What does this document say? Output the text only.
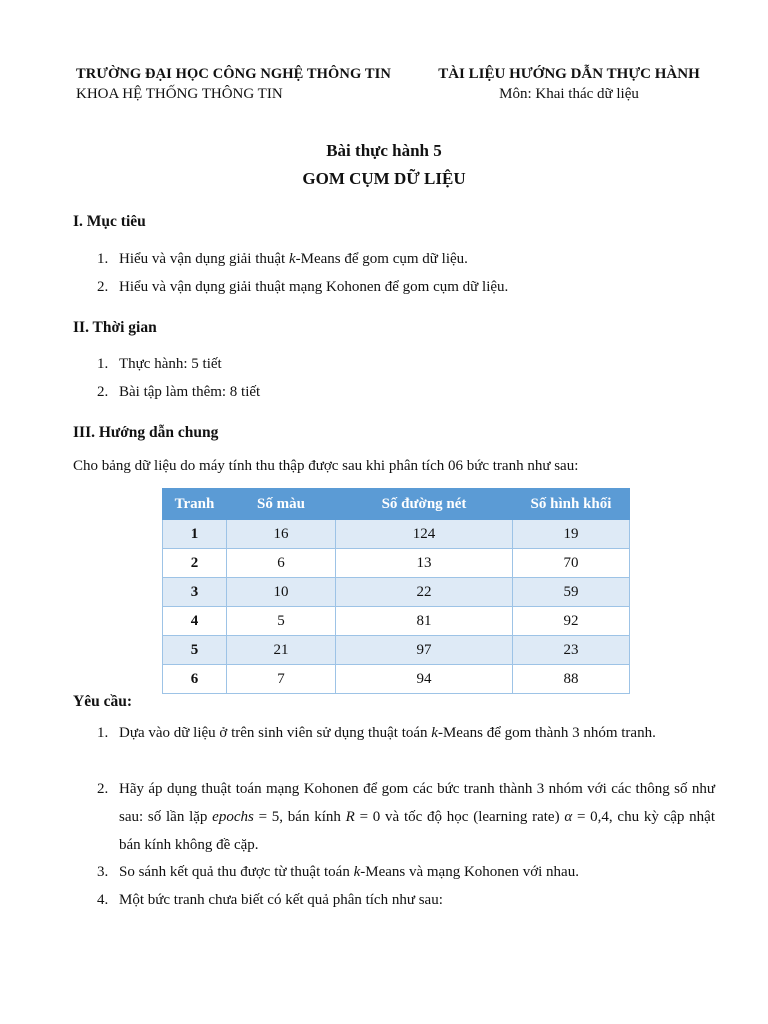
TRƯỜNG ĐẠI HỌC CÔNG NGHỆ THÔNG TIN
KHOA HỆ THỐNG THÔNG TIN
TÀI LIỆU HƯỚNG DẪN THỰC HÀNH
Môn: Khai thác dữ liệu
Bài thực hành 5
GOM CỤM DỮ LIỆU
I. Mục tiêu
1. Hiểu và vận dụng giải thuật k-Means để gom cụm dữ liệu.
2. Hiểu và vận dụng giải thuật mạng Kohonen để gom cụm dữ liệu.
II. Thời gian
1. Thực hành: 5 tiết
2. Bài tập làm thêm: 8 tiết
III. Hướng dẫn chung
Cho bảng dữ liệu do máy tính thu thập được sau khi phân tích 06 bức tranh như sau:
Tranh	Số màu	Số đường nét	Số hình khối
1	16	124	19
2	6	13	70
3	10	22	59
4	5	81	92
5	21	97	23
6	7	94	88
Yêu cầu:
1. Dựa vào dữ liệu ở trên sinh viên sử dụng thuật toán k-Means để gom thành 3 nhóm tranh.
2. Hãy áp dụng thuật toán mạng Kohonen để gom các bức tranh thành 3 nhóm với các thông số như sau: số lần lặp epochs = 5, bán kính R = 0 và tốc độ học (learning rate) α = 0,4, chu kỳ cập nhật bán kính không đề cặp.
3. So sánh kết quả thu được từ thuật toán k-Means và mạng Kohonen với nhau.
4. Một bức tranh chưa biết có kết quả phân tích như sau:
